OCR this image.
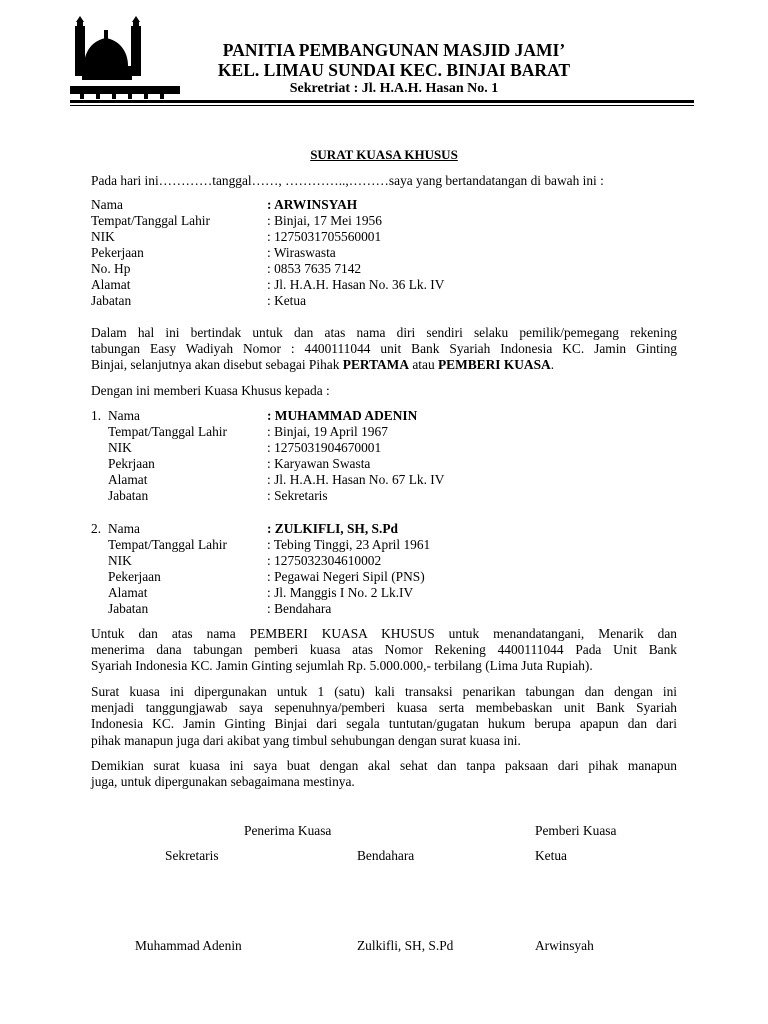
PANITIA PEMBANGUNAN MASJID JAMI’
KEL. LIMAU SUNDAI KEC. BINJAI BARAT
Sekretriat : Jl. H.A.H. Hasan No. 1
SURAT KUASA KHUSUS
Pada hari ini…………tanggal……, …………..,………saya yang bertandatangan di bawah ini :
Nama	: ARWINSYAH
Tempat/Tanggal Lahir	: Binjai, 17 Mei 1956
NIK	: 1275031705560001
Pekerjaan	: Wiraswasta
No. Hp	: 0853 7635 7142
Alamat	: Jl. H.A.H. Hasan No. 36 Lk. IV
Jabatan	: Ketua
Dalam hal ini bertindak untuk dan atas nama diri sendiri selaku pemilik/pemegang rekening
tabungan Easy Wadiyah Nomor : 4400111044 unit Bank Syariah Indonesia KC. Jamin Ginting
Binjai, selanjutnya akan disebut sebagai Pihak PERTAMA atau PEMBERI KUASA.
Dengan ini memberi Kuasa Khusus kepada :
1. Nama	: MUHAMMAD ADENIN
Tempat/Tanggal Lahir	: Binjai, 19 April 1967
NIK	: 1275031904670001
Pekrjaan	: Karyawan Swasta
Alamat	: Jl. H.A.H. Hasan No. 67 Lk. IV
Jabatan	: Sekretaris
2. Nama	: ZULKIFLI, SH, S.Pd
Tempat/Tanggal Lahir	: Tebing Tinggi, 23 April 1961
NIK	: 1275032304610002
Pekerjaan	: Pegawai Negeri Sipil (PNS)
Alamat	: Jl. Manggis I No. 2 Lk.IV
Jabatan	: Bendahara
Untuk dan atas nama PEMBERI KUASA KHUSUS untuk menandatangani, Menarik dan
menerima dana tabungan pemberi kuasa atas Nomor Rekening 4400111044 Pada Unit Bank
Syariah Indonesia KC. Jamin Ginting sejumlah Rp. 5.000.000,- terbilang (Lima Juta Rupiah).
Surat kuasa ini dipergunakan untuk 1 (satu) kali transaksi penarikan tabungan dan dengan ini
menjadi tanggungjawab saya sepenuhnya/pemberi kuasa serta membebaskan unit Bank Syariah
Indonesia KC. Jamin Ginting Binjai dari segala tuntutan/gugatan hukum berupa apapun dan dari
pihak manapun juga dari akibat yang timbul sehubungan dengan surat kuasa ini.
Demikian surat kuasa ini saya buat dengan akal sehat dan tanpa paksaan dari pihak manapun
juga, untuk dipergunakan sebagaimana mestinya.
Penerima Kuasa	Pemberi Kuasa
Sekretaris	Bendahara	Ketua
Muhammad Adenin	Zulkifli, SH, S.Pd	Arwinsyah
